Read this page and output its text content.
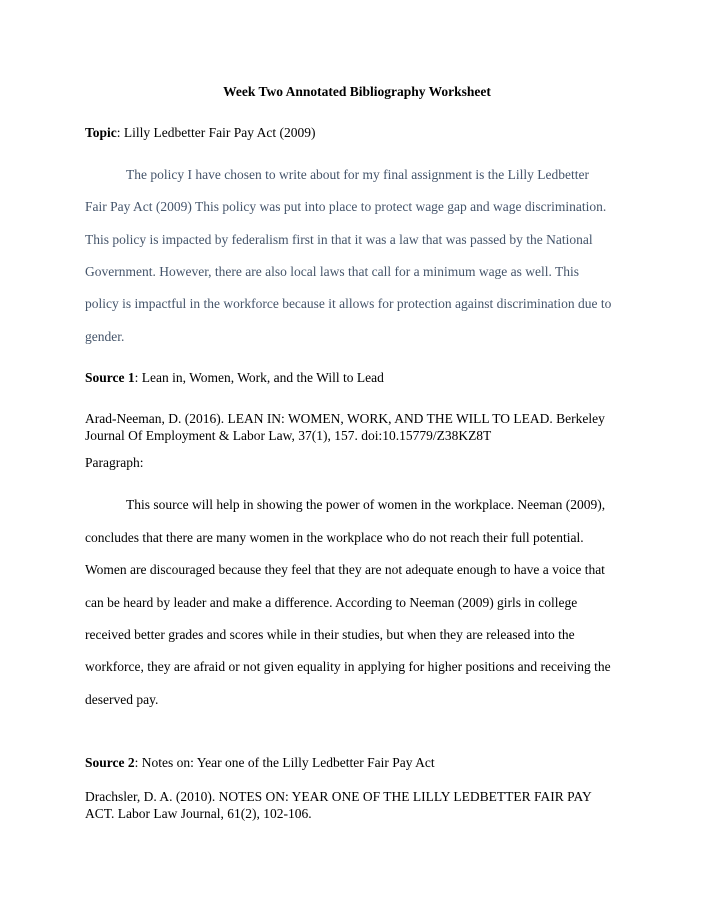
Week Two Annotated Bibliography Worksheet
Topic: Lilly Ledbetter Fair Pay Act (2009)
The policy I have chosen to write about for my final assignment is the Lilly Ledbetter
Fair Pay Act (2009) This policy was put into place to protect wage gap and wage discrimination.
This policy is impacted by federalism first in that it was a law that was passed by the National
Government. However, there are also local laws that call for a minimum wage as well. This
policy is impactful in the workforce because it allows for protection against discrimination due to
gender.
Source 1: Lean in, Women, Work, and the Will to Lead
Arad-Neeman, D. (2016). LEAN IN: WOMEN, WORK, AND THE WILL TO LEAD. Berkeley
Journal Of Employment & Labor Law, 37(1), 157. doi:10.15779/Z38KZ8T
Paragraph:
This source will help in showing the power of women in the workplace. Neeman (2009),
concludes that there are many women in the workplace who do not reach their full potential.
Women are discouraged because they feel that they are not adequate enough to have a voice that
can be heard by leader and make a difference. According to Neeman (2009) girls in college
received better grades and scores while in their studies, but when they are released into the
workforce, they are afraid or not given equality in applying for higher positions and receiving the
deserved pay.
Source 2: Notes on: Year one of the Lilly Ledbetter Fair Pay Act
Drachsler, D. A. (2010). NOTES ON: YEAR ONE OF THE LILLY LEDBETTER FAIR PAY
ACT. Labor Law Journal, 61(2), 102-106.
